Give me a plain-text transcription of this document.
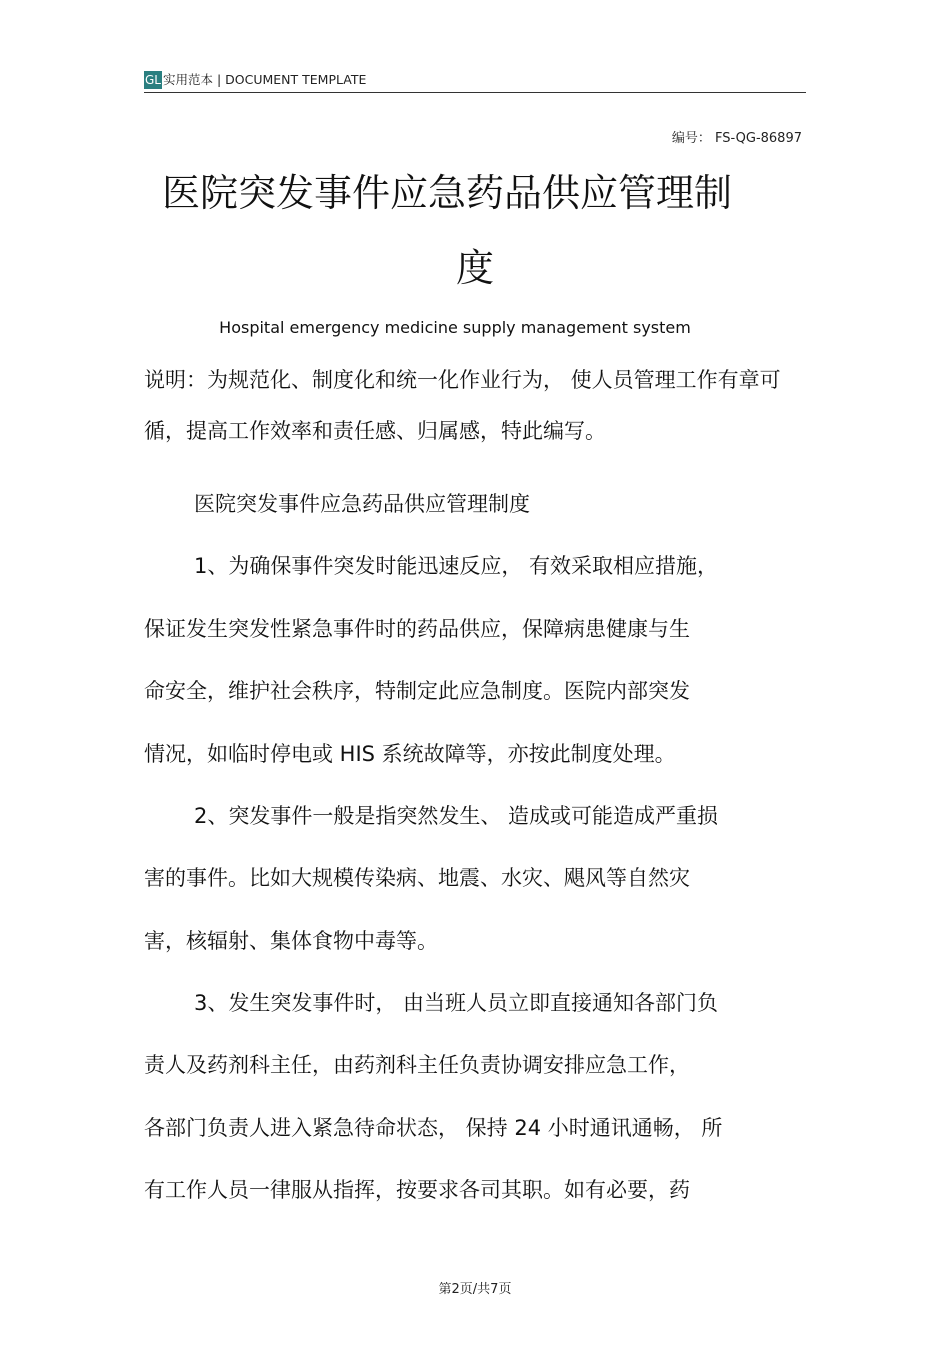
GL 实用范本 | DOCUMENT TEMPLATE
编号： FS-QG-86897
医院突发事件应急药品供应管理制
度
Hospital emergency medicine supply management system
说明：为规范化、制度化和统一化作业行为， 使人员管理工作有章可
循，提高工作效率和责任感、归属感，特此编写。
医院突发事件应急药品供应管理制度
1、为确保事件突发时能迅速反应， 有效采取相应措施，
保证发生突发性紧急事件时的药品供应，保障病患健康与生
命安全，维护社会秩序，特制定此应急制度。医院内部突发
情况，如临时停电或 HIS 系统故障等，亦按此制度处理。
2、突发事件一般是指突然发生、 造成或可能造成严重损
害的事件。比如大规模传染病、地震、水灾、飓风等自然灾
害，核辐射、集体食物中毒等。
3、发生突发事件时， 由当班人员立即直接通知各部门负
责人及药剂科主任，由药剂科主任负责协调安排应急工作，
各部门负责人进入紧急待命状态， 保持 24 小时通讯通畅， 所
有工作人员一律服从指挥，按要求各司其职。如有必要，药
第2页/共7页
